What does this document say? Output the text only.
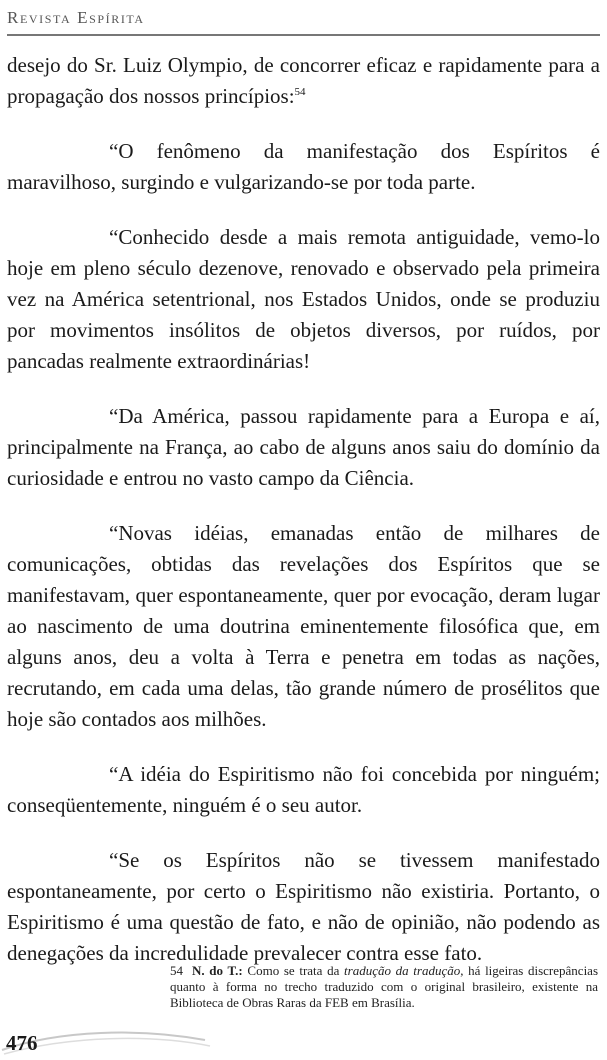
Revista Espírita

desejo do Sr. Luiz Olympio, de concorrer eficaz e rapidamente para a propagação dos nossos princípios:$^{54}$

“O fenômeno da manifestação dos Espíritos é maravilhoso, surgindo e vulgarizando-se por toda parte.

“Conhecido desde a mais remota antiguidade, vemo-lo hoje em pleno século dezenove, renovado e observado pela primeira vez na América setentrional, nos Estados Unidos, onde se produziu por movimentos insólitos de objetos diversos, por ruídos, por pancadas realmente extraordinárias!

“Da América, passou rapidamente para a Europa e aí, principalmente na França, ao cabo de alguns anos saiu do domínio da curiosidade e entrou no vasto campo da Ciência.

“Novas idéias, emanadas então de milhares de comunicações, obtidas das revelações dos Espíritos que se manifestavam, quer espontaneamente, quer por evocação, deram lugar ao nascimento de uma doutrina eminentemente filosófica que, em alguns anos, deu a volta à Terra e penetra em todas as nações, recrutando, em cada uma delas, tão grande número de prosélitos que hoje são contados aos milhões.

“A idéia do Espiritismo não foi concebida por ninguém; conseqüentemente, ninguém é o seu autor.

“Se os Espíritos não se tivessem manifestado espontaneamente, por certo o Espiritismo não existiria. Portanto, o Espiritismo é uma questão de fato, e não de opinião, não podendo as denegações da incredulidade prevalecer contra esse fato.

54 N. do T.: Como se trata da tradução da tradução, há ligeiras discrepâncias quanto à forma no trecho traduzido com o original brasileiro, existente na Biblioteca de Obras Raras da FEB em Brasília.
476
